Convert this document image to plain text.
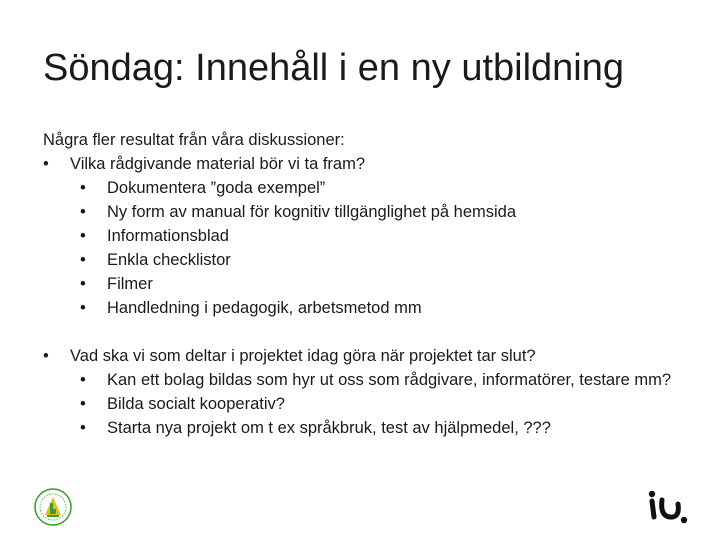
Söndag: Innehåll i en ny utbildning
Några fler resultat från våra diskussioner:
• Vilka rådgivande material bör vi ta fram?
• Dokumentera ”goda exempel”
• Ny form av manual för kognitiv tillgänglighet på hemsida
• Informationsblad
• Enkla checklistor
• Filmer
• Handledning i pedagogik, arbetsmetod mm
• Vad ska vi som deltar i projektet idag göra när projektet tar slut?
• Kan ett bolag bildas som hyr ut oss som rådgivare, informatörer, testare mm?
• Bilda socialt kooperativ?
• Starta nya projekt om t ex språkbruk, test av hjälpmedel, ???
